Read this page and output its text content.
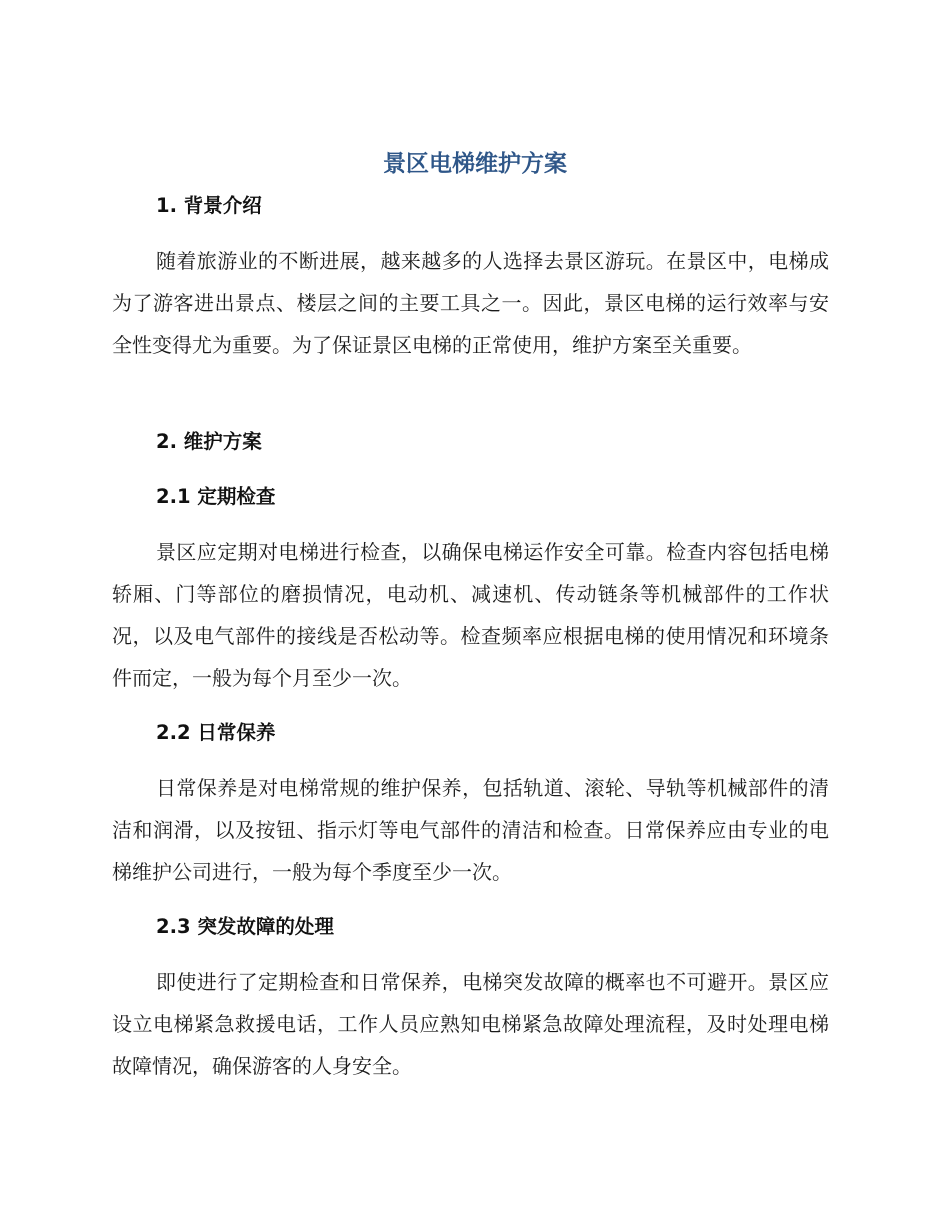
景区电梯维护方案
1. 背景介绍

随着旅游业的不断进展，越来越多的人选择去景区游玩。在景区中，电梯成为了游客进出景点、楼层之间的主要工具之一。因此，景区电梯的运行效率与安全性变得尤为重要。为了保证景区电梯的正常使用，维护方案至关重要。

2. 维护方案
2.1 定期检查

景区应定期对电梯进行检查，以确保电梯运作安全可靠。检查内容包括电梯轿厢、门等部位的磨损情况，电动机、减速机、传动链条等机械部件的工作状况，以及电气部件的接线是否松动等。检查频率应根据电梯的使用情况和环境条件而定，一般为每个月至少一次。

2.2 日常保养

日常保养是对电梯常规的维护保养，包括轨道、滚轮、导轨等机械部件的清洁和润滑，以及按钮、指示灯等电气部件的清洁和检查。日常保养应由专业的电梯维护公司进行，一般为每个季度至少一次。

2.3 突发故障的处理

即使进行了定期检查和日常保养，电梯突发故障的概率也不可避开。景区应设立电梯紧急救援电话，工作人员应熟知电梯紧急故障处理流程，及时处理电梯故障情况，确保游客的人身安全。
